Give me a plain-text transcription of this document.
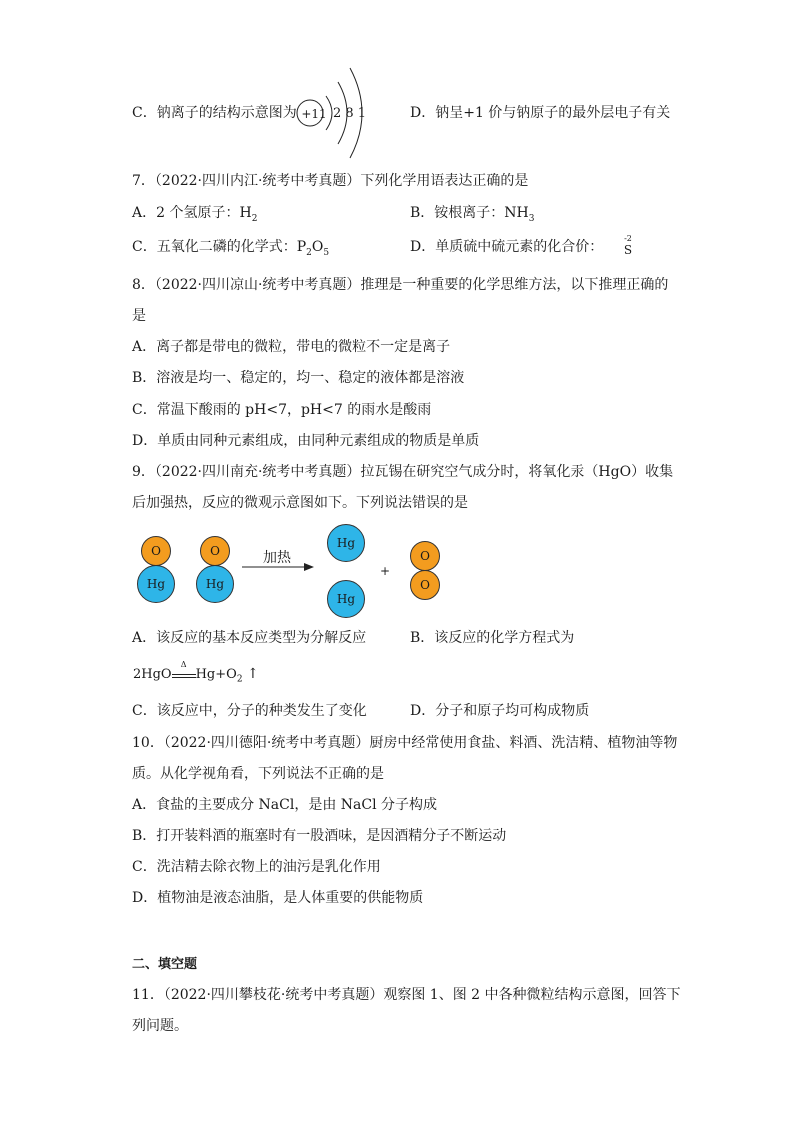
C．钠离子的结构示意图为 +11 2 8 1	D．钠呈+1 价与钠原子的最外层电子有关
7．（2022·四川内江·统考中考真题）下列化学用语表达正确的是
A．2 个氢原子：$H_2$	B．铵根离子：$NH_3$
C．五氧化二磷的化学式：$P_2O_5$	D．单质硫中硫元素的化合价：
-2
S
8．（2022·四川凉山·统考中考真题）推理是一种重要的化学思维方法，以下推理正确的
是
A．离子都是带电的微粒，带电的微粒不一定是离子
B．溶液是均一、稳定的，均一、稳定的液体都是溶液
C．常温下酸雨的 pH<7，pH<7 的雨水是酸雨
D．单质由同种元素组成，由同种元素组成的物质是单质
9．（2022·四川南充·统考中考真题）拉瓦锡在研究空气成分时，将氧化汞（HgO）收集
后加强热，反应的微观示意图如下。下列说法错误的是
O
Hg
O
Hg
加热
Hg
Hg
+
O
O
A．该反应的基本反应类型为分解反应	B．该反应的化学方程式为
2HgO
Δ
$Hg+O_2$ ↑
C．该反应中，分子的种类发生了变化	D．分子和原子均可构成物质
10．（2022·四川德阳·统考中考真题）厨房中经常使用食盐、料酒、洗洁精、植物油等物
质。从化学视角看，下列说法不正确的是
A．食盐的主要成分 NaCl，是由 NaCl 分子构成
B．打开装料酒的瓶塞时有一股酒味，是因酒精分子不断运动
C．洗洁精去除衣物上的油污是乳化作用
D．植物油是液态油脂，是人体重要的供能物质
二、填空题
11．（2022·四川攀枝花·统考中考真题）观察图 1、图 2 中各种微粒结构示意图，回答下
列问题。
